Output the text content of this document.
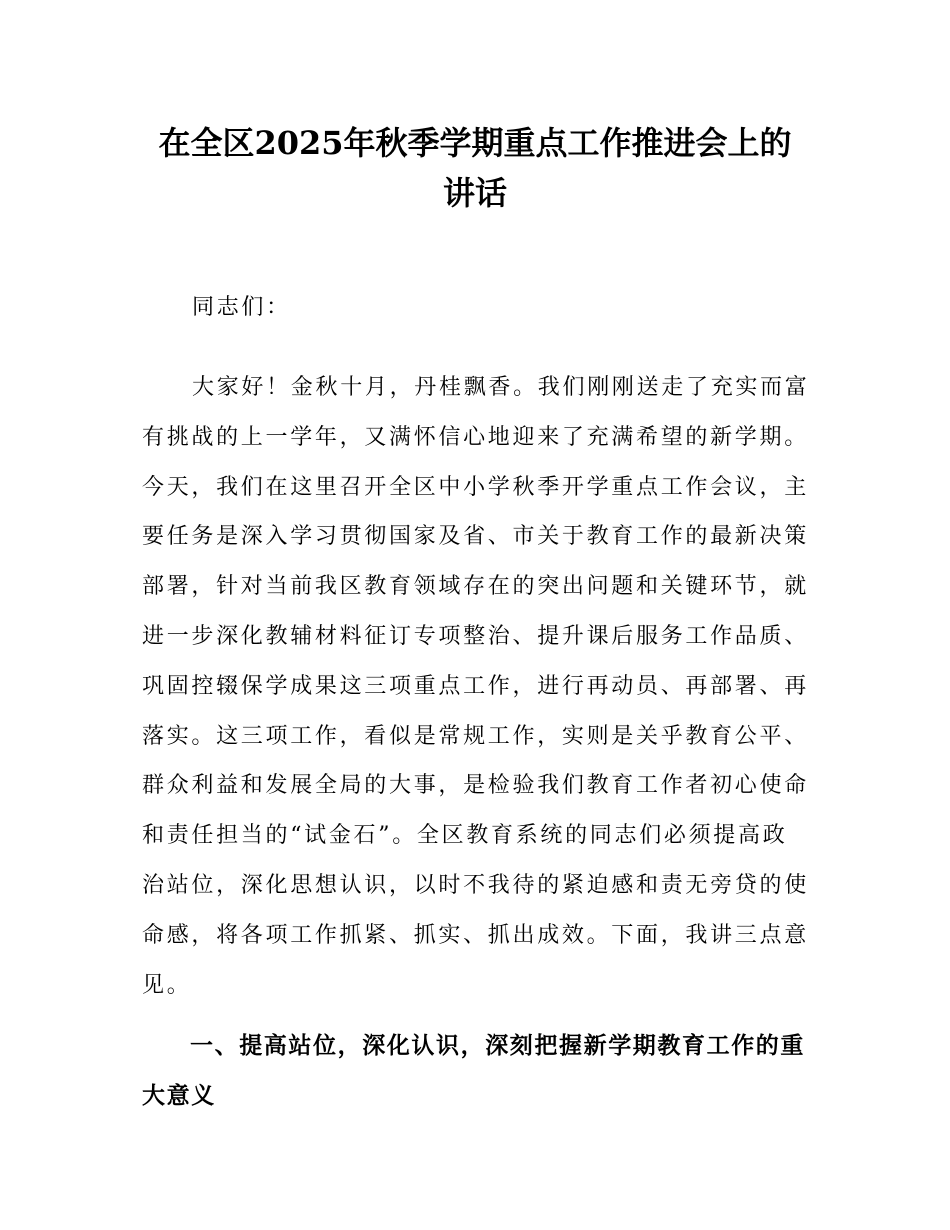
在全区2025年秋季学期重点工作推进会上的
讲话
同志们：
大家好！金秋十月，丹桂飘香。我们刚刚送走了充实而富
有挑战的上一学年，又满怀信心地迎来了充满希望的新学期。
今天，我们在这里召开全区中小学秋季开学重点工作会议，主
要任务是深入学习贯彻国家及省、市关于教育工作的最新决策
部署，针对当前我区教育领域存在的突出问题和关键环节，就
进一步深化教辅材料征订专项整治、提升课后服务工作品质、
巩固控辍保学成果这三项重点工作，进行再动员、再部署、再
落实。这三项工作，看似是常规工作，实则是关乎教育公平、
群众利益和发展全局的大事，是检验我们教育工作者初心使命
和责任担当的“试金石”。全区教育系统的同志们必须提高政
治站位，深化思想认识，以时不我待的紧迫感和责无旁贷的使
命感，将各项工作抓紧、抓实、抓出成效。下面，我讲三点意
见。
一、提高站位，深化认识，深刻把握新学期教育工作的重
大意义
